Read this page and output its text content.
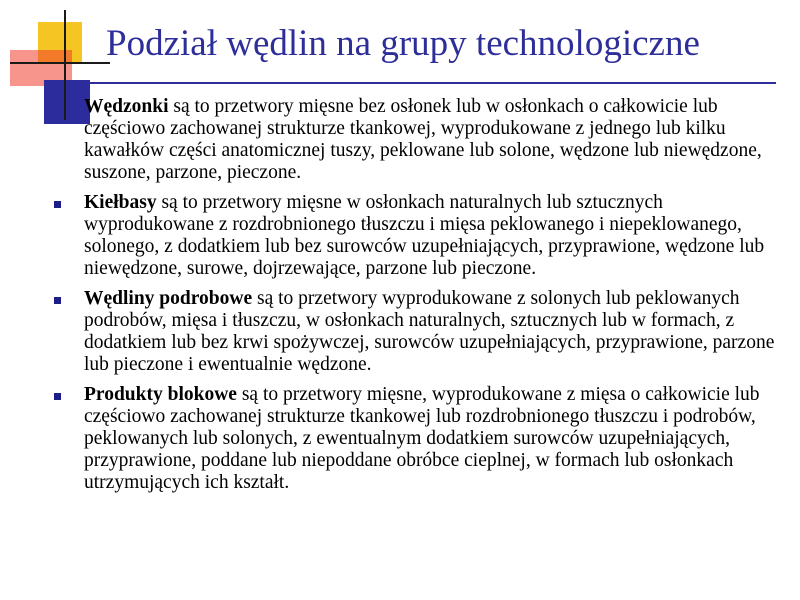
Podział wędlin na grupy technologiczne
Wędzonki są to przetwory mięsne bez osłonek lub w osłonkach o całkowicie lub częściowo zachowanej strukturze tkankowej, wyprodukowane z jednego lub kilku kawałków części anatomicznej tuszy, peklowane lub solone, wędzone lub niewędzone, suszone, parzone, pieczone.
Kiełbasy są to przetwory mięsne w osłonkach naturalnych lub sztucznych wyprodukowane z rozdrobnionego tłuszczu i mięsa peklowanego i niepeklowanego, solonego, z dodatkiem lub bez surowców uzupełniających, przyprawione, wędzone lub niewędzone, surowe, dojrzewające, parzone lub pieczone.
Wędliny podrobowe są to przetwory wyprodukowane z solonych lub peklowanych podrobów, mięsa i tłuszczu, w osłonkach naturalnych, sztucznych lub w formach, z dodatkiem lub bez krwi spożywczej, surowców uzupełniających, przyprawione, parzone lub pieczone i ewentualnie wędzone.
Produkty blokowe są to przetwory mięsne, wyprodukowane z mięsa o całkowicie lub częściowo zachowanej strukturze tkankowej lub rozdrobnionego tłuszczu i podrobów, peklowanych lub solonych, z ewentualnym dodatkiem surowców uzupełniających, przyprawione, poddane lub niepoddane obróbce cieplnej, w formach lub osłonkach utrzymujących ich kształt.
